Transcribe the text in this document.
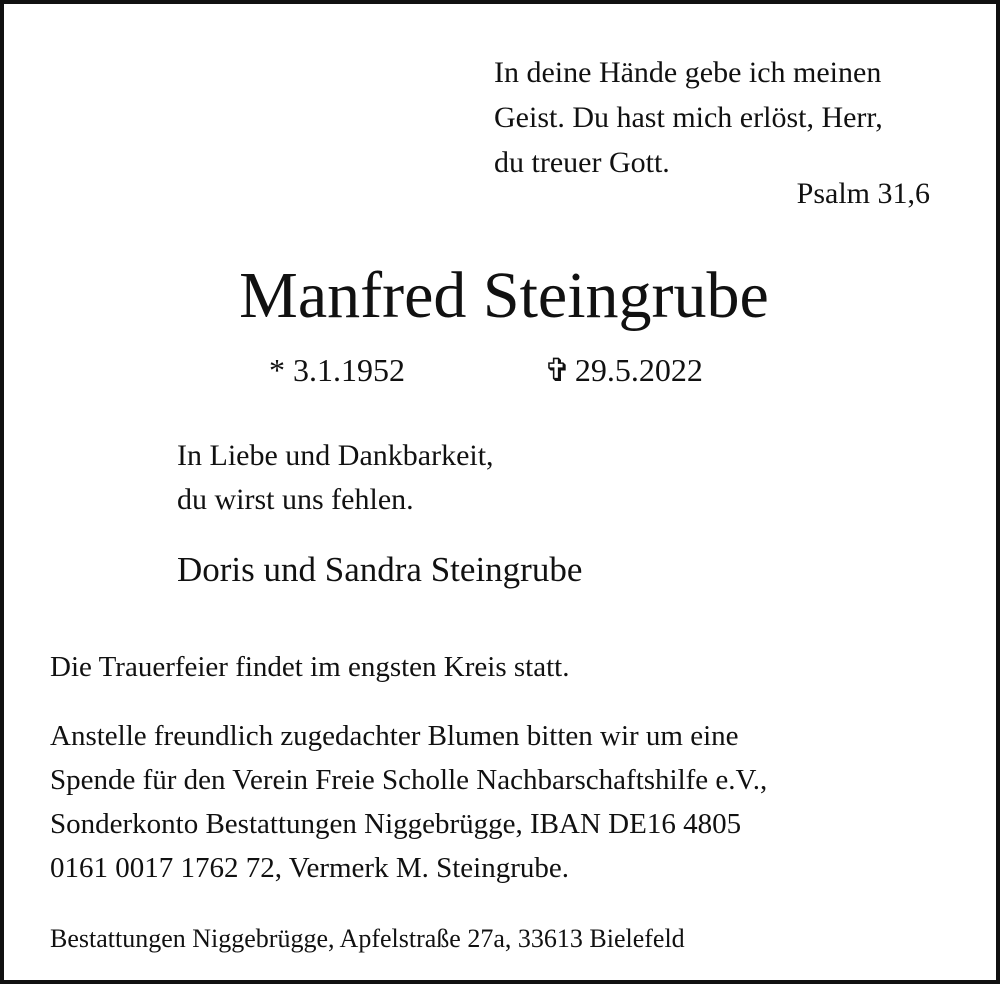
In deine Hände gebe ich meinen
Geist. Du hast mich erlöst, Herr,
du treuer Gott.
Psalm 31,6
Manfred Steingrube
* 3.1.1952	✞ 29.5.2022
In Liebe und Dankbarkeit,
du wirst uns fehlen.
Doris und Sandra Steingrube
Die Trauerfeier findet im engsten Kreis statt.
Anstelle freundlich zugedachter Blumen bitten wir um eine
Spende für den Verein Freie Scholle Nachbarschaftshilfe e.V.,
Sonderkonto Bestattungen Niggebrügge, IBAN DE16 4805
0161 0017 1762 72, Vermerk M. Steingrube.
Bestattungen Niggebrügge, Apfelstraße 27a, 33613 Bielefeld
